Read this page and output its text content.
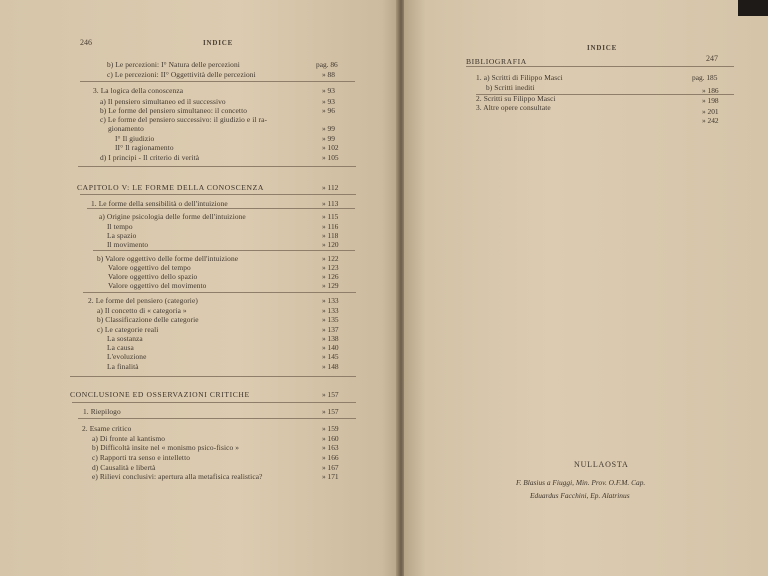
246	INDICE
b) Le percezioni: I° Natura delle percezioni	pag. 86
c) Le percezioni: II° Oggettività delle percezioni	» 88
3. La logica della conoscenza	» 93
a) Il pensiero simultaneo ed il successivo	» 93
b) Le forme del pensiero simultaneo: il concetto	» 96
c) Le forme del pensiero successivo: il giudizio e il ra-
gionamento	» 99
I° Il giudizio	» 99
II° Il ragionamento	» 102
d) I principi - Il criterio di verità	» 105
CAPITOLO V: LE FORME DELLA CONOSCENZA	» 112
1. Le forme della sensibilità o dell'intuizione	» 113
a) Origine psicologia delle forme dell'intuizione	» 115
Il tempo	» 116
La spazio	» 118
Il movimento	» 120
b) Valore oggettivo delle forme dell'intuizione	» 122
Valore oggettivo del tempo	» 123
Valore oggettivo dello spazio	» 126
Valore oggettivo del movimento	» 129
2. Le forme del pensiero (categorie)	» 133
a) Il concetto di « categoria »	» 133
b) Classificazione delle categorie	» 135
c) Le categorie reali	» 137
La sostanza	» 138
La causa	» 140
L'evoluzione	» 145
La finalità	» 148
CONCLUSIONE ED OSSERVAZIONI CRITICHE	» 157
1. Riepilogo	» 157
2. Esame critico	» 159
a) Di fronte al kantismo	» 160
b) Difficoltà insite nel « monismo psico-fisico »	» 163
c) Rapporti tra senso e intelletto	» 166
d) Causalità e libertà	» 167
e) Rilievi conclusivi: apertura alla metafisica realistica?	» 171
INDICE
247
BIBLIOGRAFIA
1. a) Scritti di Filippo Masci	pag. 185
b) Scritti inediti	» 186
2. Scritti su Filippo Masci	» 198
3. Altre opere consultate	» 201
» 242
NULLAOSTA
F. Blasius a Fiuggi, Min. Prov. O.F.M. Cap.
Eduardus Facchini, Ep. Alatrinus
